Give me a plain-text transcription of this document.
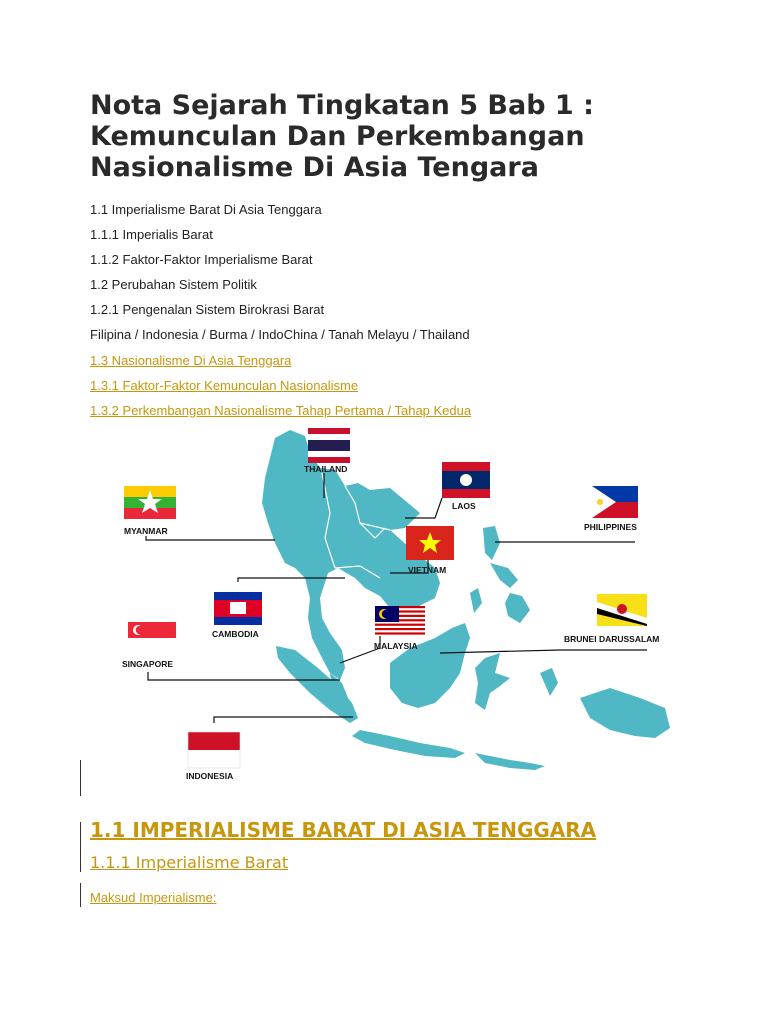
Nota Sejarah Tingkatan 5 Bab 1 : Kemunculan Dan Perkembangan Nasionalisme Di Asia Tengara
1.1 Imperialisme Barat Di Asia Tenggara
1.1.1 Imperialis Barat
1.1.2 Faktor-Faktor Imperialisme Barat
1.2 Perubahan Sistem Politik
1.2.1 Pengenalan Sistem Birokrasi Barat
Filipina / Indonesia / Burma / IndoChina / Tanah Melayu / Thailand
1.3 Nasionalisme Di Asia Tenggara
1.3.1 Faktor-Faktor Kemunculan Nasionalisme
1.3.2 Perkembangan Nasionalisme Tahap Pertama / Tahap Kedua
THAILAND
LAOS
MYANMAR	PHILIPPINES
VIETNAM
CAMBODIA
MALAYSIA
SINGAPORE
BRUNEI DARUSSALAM
INDONESIA
1.1 IMPERIALISME BARAT DI ASIA TENGGARA
1.1.1 Imperialisme Barat
Maksud Imperialisme:
